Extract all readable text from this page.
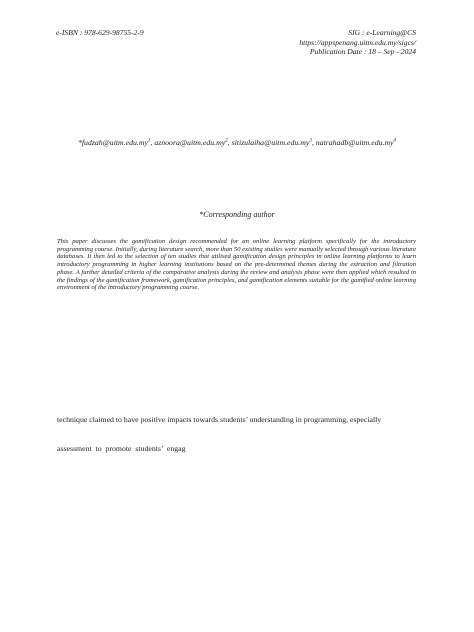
e-ISBN : 978-629-98755-2-9	SIG : e-Learning@CS
https://appspenang.uitm.edu.my/sigcs/
Publication Date : 18 – Sep - 2024
$*fudzah@uitm.edu.my^1$, $aznoora@uitm.edu.my^2$, $sitizulaiha@uitm.edu.my^3$, $natrahadb@uitm.edu.my^4$
*Corresponding author
This paper discusses the gamification design recommended for an online learning platform specifically for the introductory programming course. Initially, during literature search, more than 50 existing studies were manually selected through various literature databases. It then led to the selection of ten studies that utilised gamification design principles in online learning platforms to learn introductory programming in higher learning institutions based on the pre-determined themes during the extraction and filtration phase. A further detailed criteria of the comparative analysis during the review and analysis phase were then applied which resulted in the findings of the gamification framework, gamification principles, and gamification elements suitable for the gamified online learning environment of the introductory programming course.
technique claimed to have positive impacts towards students’ understanding in programming, especially
assessment  to  promote  students’  engag
